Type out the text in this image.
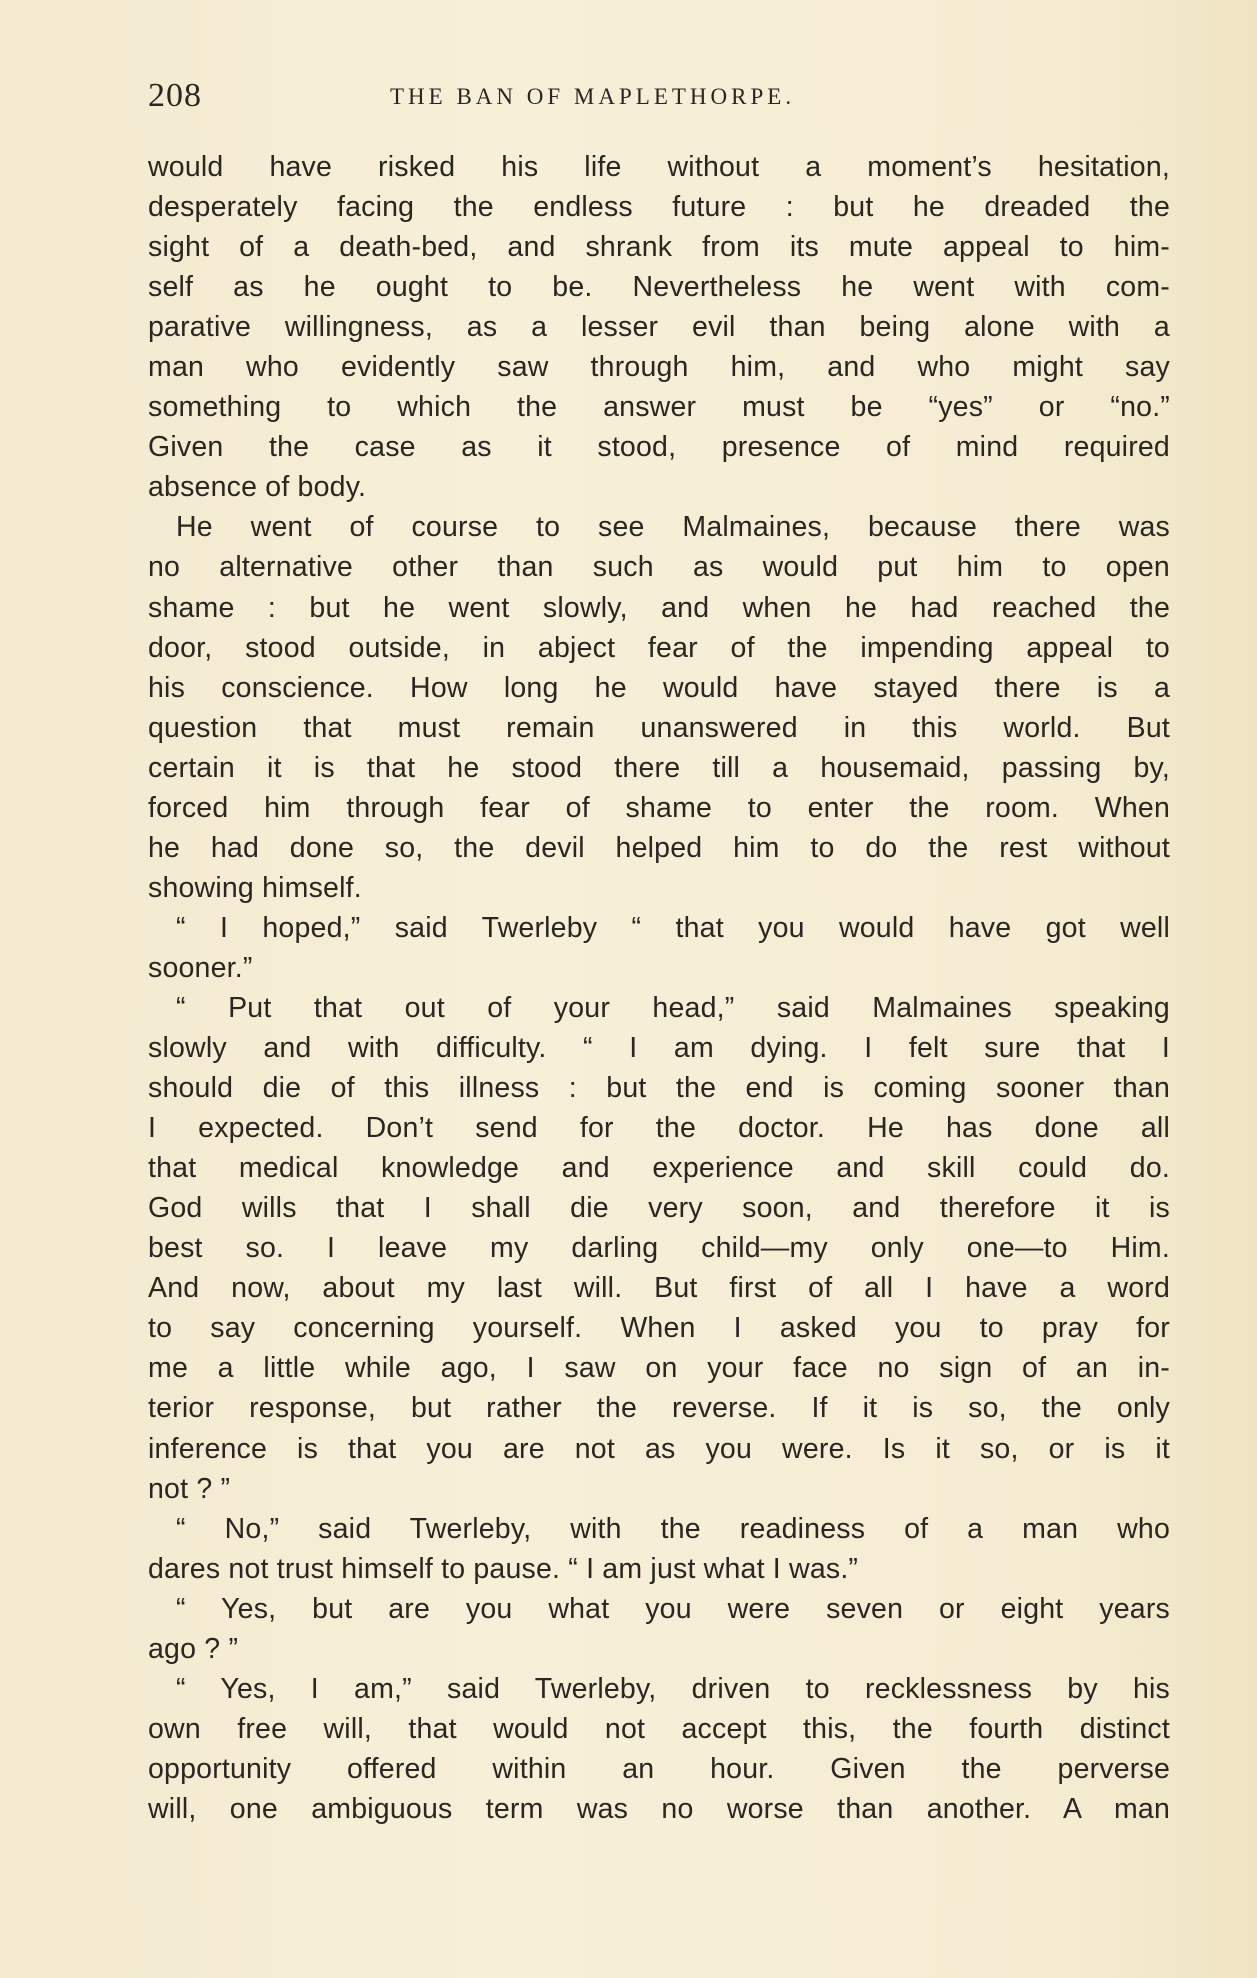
208	THE BAN OF MAPLETHORPE.
would have risked his life without a moment’s hesitation,
desperately facing the endless future : but he dreaded the
sight of a death-bed, and shrank from its mute appeal to him-
self as he ought to be. Nevertheless he went with com-
parative willingness, as a lesser evil than being alone with a
man who evidently saw through him, and who might say
something to which the answer must be “yes” or “no.”
Given the case as it stood, presence of mind required
absence of body.
He went of course to see Malmaines, because there was
no alternative other than such as would put him to open
shame : but he went slowly, and when he had reached the
door, stood outside, in abject fear of the impending appeal to
his conscience. How long he would have stayed there is a
question that must remain unanswered in this world. But
certain it is that he stood there till a housemaid, passing by,
forced him through fear of shame to enter the room. When
he had done so, the devil helped him to do the rest without
showing himself.
“ I hoped,” said Twerleby “ that you would have got well
sooner.”
“ Put that out of your head,” said Malmaines speaking
slowly and with difficulty. “ I am dying. I felt sure that I
should die of this illness : but the end is coming sooner than
I expected. Don’t send for the doctor. He has done all
that medical knowledge and experience and skill could do.
God wills that I shall die very soon, and therefore it is
best so. I leave my darling child—my only one—to Him.
And now, about my last will. But first of all I have a word
to say concerning yourself. When I asked you to pray for
me a little while ago, I saw on your face no sign of an in-
terior response, but rather the reverse. If it is so, the only
inference is that you are not as you were. Is it so, or is it
not ? ”
“ No,” said Twerleby, with the readiness of a man who
dares not trust himself to pause. “ I am just what I was.”
“ Yes, but are you what you were seven or eight years
ago ? ”
“ Yes, I am,” said Twerleby, driven to recklessness by his
own free will, that would not accept this, the fourth distinct
opportunity offered within an hour. Given the perverse
will, one ambiguous term was no worse than another. A man
